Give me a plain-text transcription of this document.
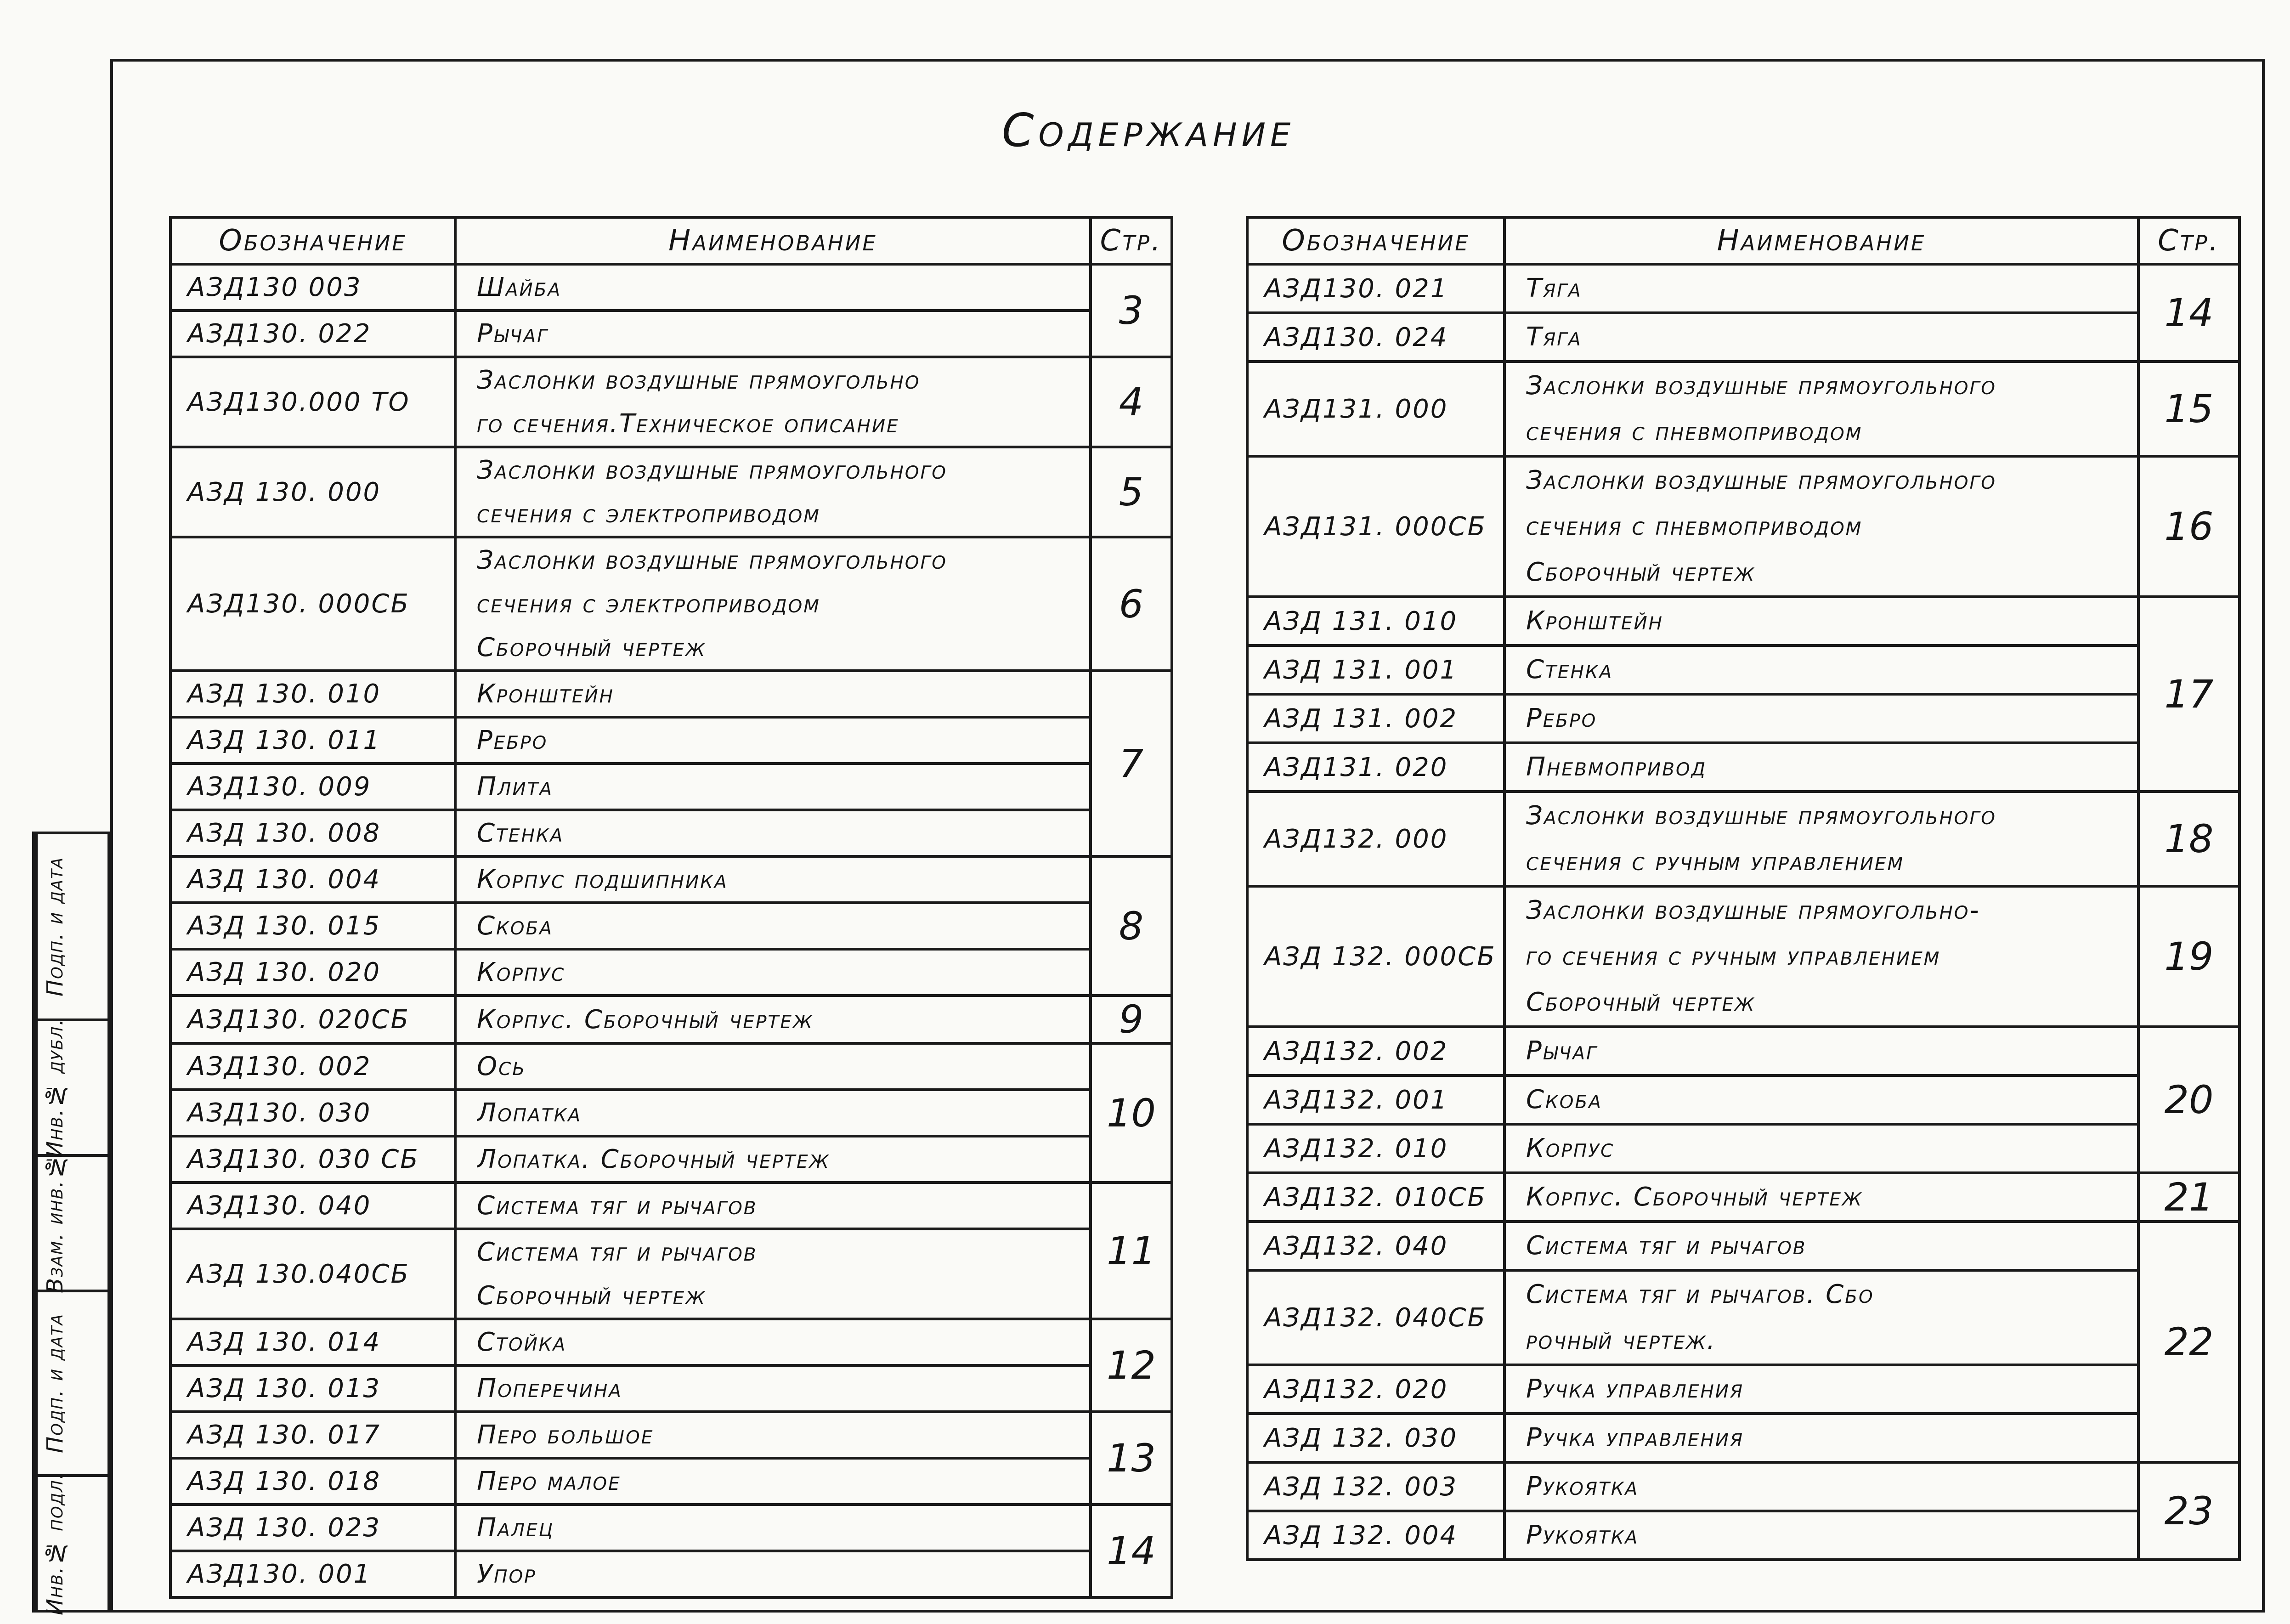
Содержание
Обозначение	Наименование	Стр.
АЗД130 003	Шайба	3
АЗД130. 022	Рычаг	

АЗД130.000 ТО	Заслонки воздушные прямоугольно
го сечения.Техническое описание	4
АЗД 130. 000	Заслонки воздушные прямоугольного
сечения с электроприводом	5
АЗД130. 000СБ	Заслонки воздушные прямоугольного
сечения с электроприводом
Сборочный чертеж	6
АЗД 130. 010	Кронштейн	7
АЗД 130. 011	Ребро	

АЗД130. 009	Плита	

АЗД 130. 008	Стенка	

АЗД 130. 004	Корпус подшипника	8
АЗД 130. 015	Скоба	

АЗД 130. 020	Корпус	

АЗД130. 020СБ	Корпус. Сборочный чертеж	9
АЗД130. 002	Ось	10
АЗД130. 030	Лопатка	

АЗД130. 030 СБ	Лопатка. Сборочный чертеж	

АЗД130. 040	Система тяг и рычагов	11
АЗД 130.040СБ	Система тяг и рычагов
Сборочный чертеж	

АЗД 130. 014	Стойка	12
АЗД 130. 013	Поперечина	

АЗД 130. 017	Перо большое	13
АЗД 130. 018	Перо малое	

АЗД 130. 023	Палец	14
АЗД130. 001	Упор	
Обозначение	Наименование	Стр.
АЗД130. 021	Тяга	14
АЗД130. 024	Тяга	

АЗД131. 000	Заслонки воздушные прямоугольного
сечения с пневмоприводом	15
АЗД131. 000СБ	Заслонки воздушные прямоугольного
сечения с пневмоприводом
Сборочный чертеж	16
АЗД 131. 010	Кронштейн	17
АЗД 131. 001	Стенка	

АЗД 131. 002	Ребро	

АЗД131. 020	Пневмопривод	

АЗД132. 000	Заслонки воздушные прямоугольного
сечения с ручным управлением	18
АЗД 132. 000СБ	Заслонки воздушные прямоугольно-
го сечения с ручным управлением
Сборочный чертеж	19
АЗД132. 002	Рычаг	20
АЗД132. 001	Скоба	

АЗД132. 010	Корпус	

АЗД132. 010СБ	Корпус. Сборочный чертеж	21
АЗД132. 040	Система тяг и рычагов	22
АЗД132. 040СБ	Система тяг и рычагов. Сбо
рочный чертеж.	

АЗД132. 020	Ручка управления	

АЗД 132. 030	Ручка управления	

АЗД 132. 003	Рукоятка	23
АЗД 132. 004	Рукоятка	
Подп. и дата
Инв.№ дубл.
Взам. инв.№
Подп. и дата
Инв.№ подл.
